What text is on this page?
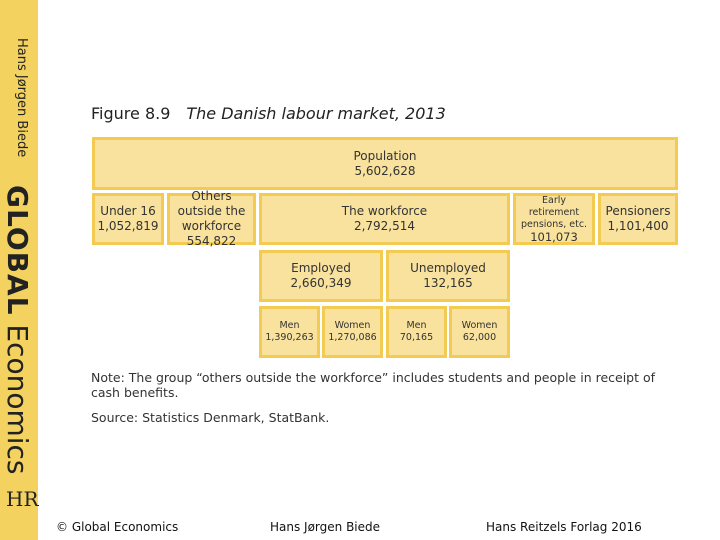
Hans Jørgen Biede
GLOBAL Economics
HR
Figure 8.9 The Danish labour market, 2013
Population
5,602,628
Under 16
1,052,819
Others outside the workforce
554,822
The workforce
2,792,514
Early retirement pensions, etc.
101,073
Pensioners
1,101,400
Employed
2,660,349
Unemployed
132,165
Men
1,390,263
Women
1,270,086
Men
70,165
Women
62,000
Note: The group “others outside the workforce” includes students and people in receipt of cash benefits.
Source: Statistics Denmark, StatBank.
© Global Economics	Hans Jørgen Biede	Hans Reitzels Forlag 2016
